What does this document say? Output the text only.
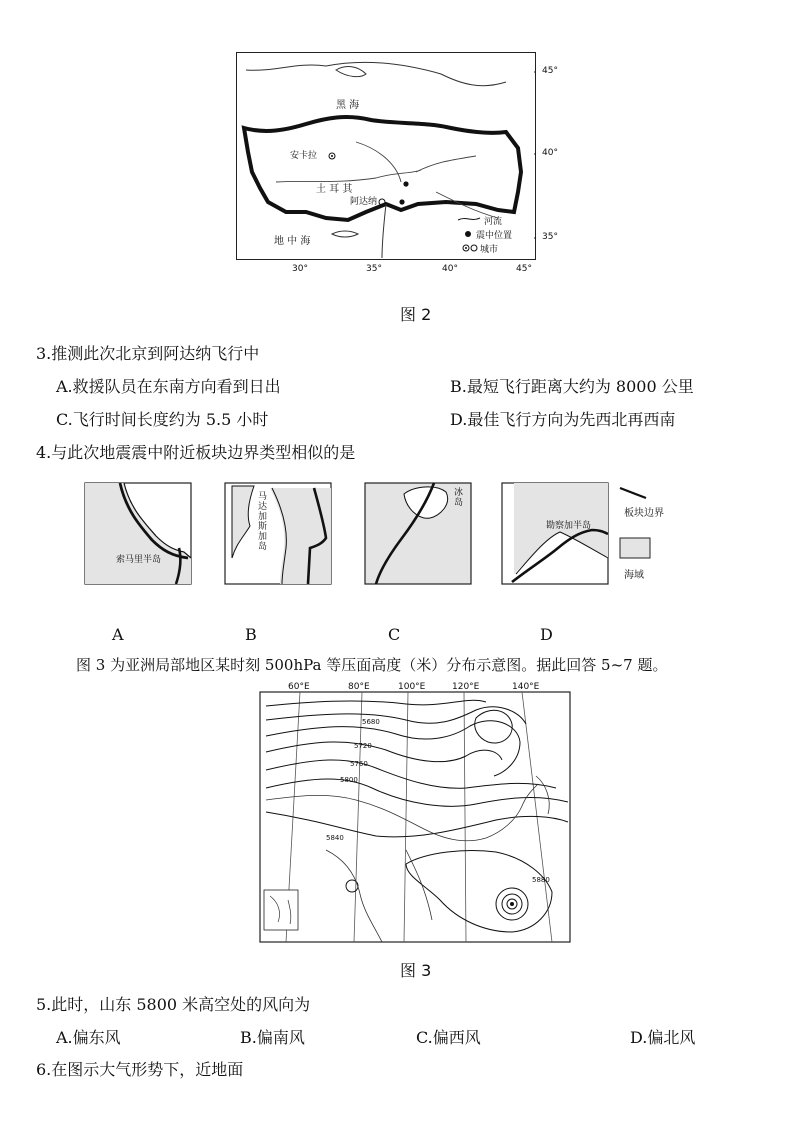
黑 海
土 耳 其
地 中 海
安卡拉
阿达纳
45°
40°
35°
30°	35°	40°	45°
河流
震中位置
城市
图 2
3.推测此次北京到阿达纳飞行中
A.救援队员在东南方向看到日出	B.最短飞行距离大约为 8000 公里
C.飞行时间长度约为 5.5 小时	D.最佳飞行方向为先西北再西南
4.与此次地震震中附近板块边界类型相似的是
索马里半岛
马达加斯加岛
冰岛
勘察加半岛
板块边界
海域
A	B	C	D
图 3 为亚洲局部地区某时刻 500hPa 等压面高度（米）分布示意图。据此回答 5~7 题。
60°E	80°E	100°E	120°E	140°E
5680
5720
5760
5800
5840
5880
图 3
5.此时，山东 5800 米高空处的风向为
A.偏东风	B.偏南风	C.偏西风	D.偏北风
6.在图示大气形势下，近地面
